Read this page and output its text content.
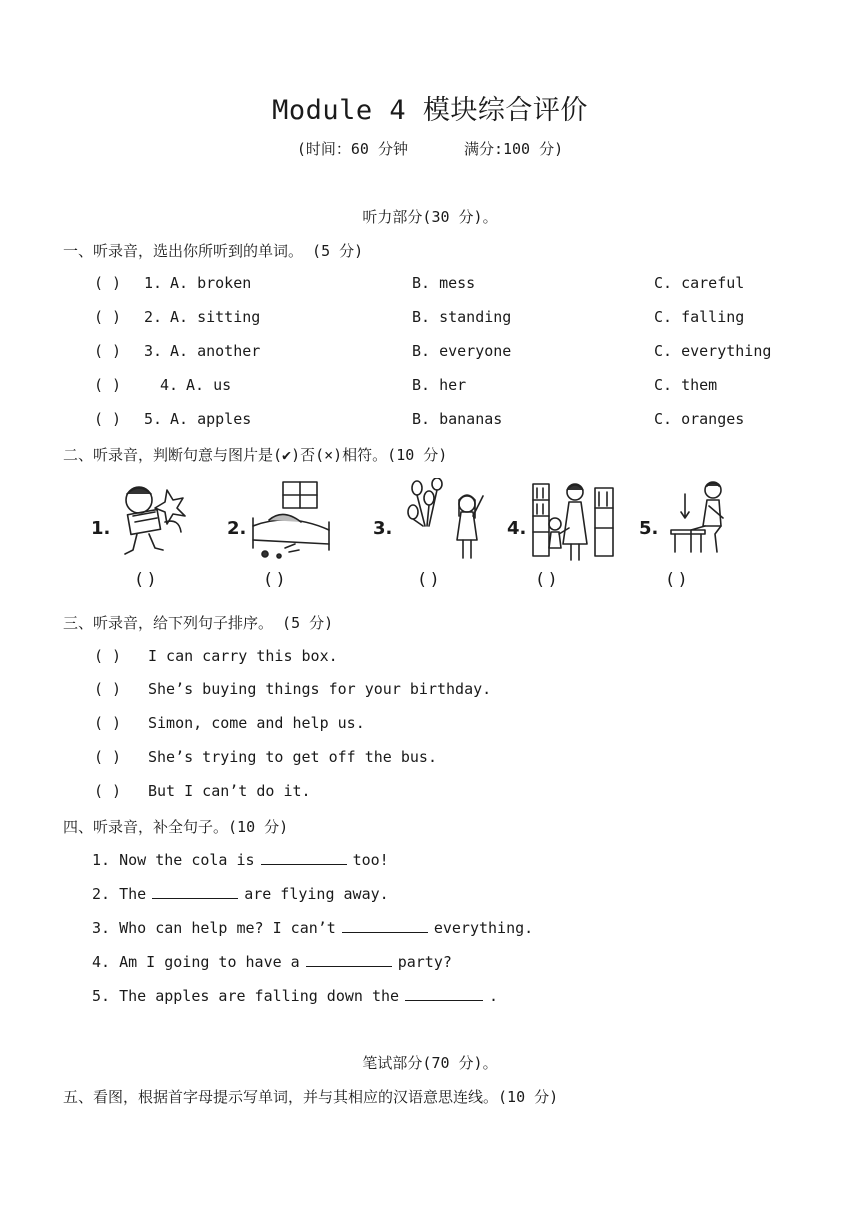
Module 4 模块综合评价
(时间：60 分钟	满分:100 分)
听力部分(30 分)。
一、听录音，选出你所听到的单词。 (5 分)
( ) 1. A. broken	B. mess	C. careful
( ) 2. A. sitting	B. standing	C. falling
( ) 3. A. another	B. everyone	C. everything
( )	4. A. us	B. her	C. them
( ) 5. A. apples	B. bananas	C. oranges
二、听录音，判断句意与图片是(✔)否(×)相符。(10 分)
1.
( )
2.
( )
3.
( )
4.
( )
5.
( )
三、听录音，给下列句子排序。 (5 分)
( ) I can carry this box.
( ) She’s buying things for your birthday.
( ) Simon, come and help us.
( ) She’s trying to get off the bus.
( ) But I can’t do it.
四、听录音，补全句子。(10 分)
1. Now the cola is	too!
2. The	are flying away.
3. Who can help me? I can’t	everything.
4. Am I going to have a	party?
5. The apples are falling down the	.
笔试部分(70 分)。
五、看图，根据首字母提示写单词，并与其相应的汉语意思连线。(10 分)
